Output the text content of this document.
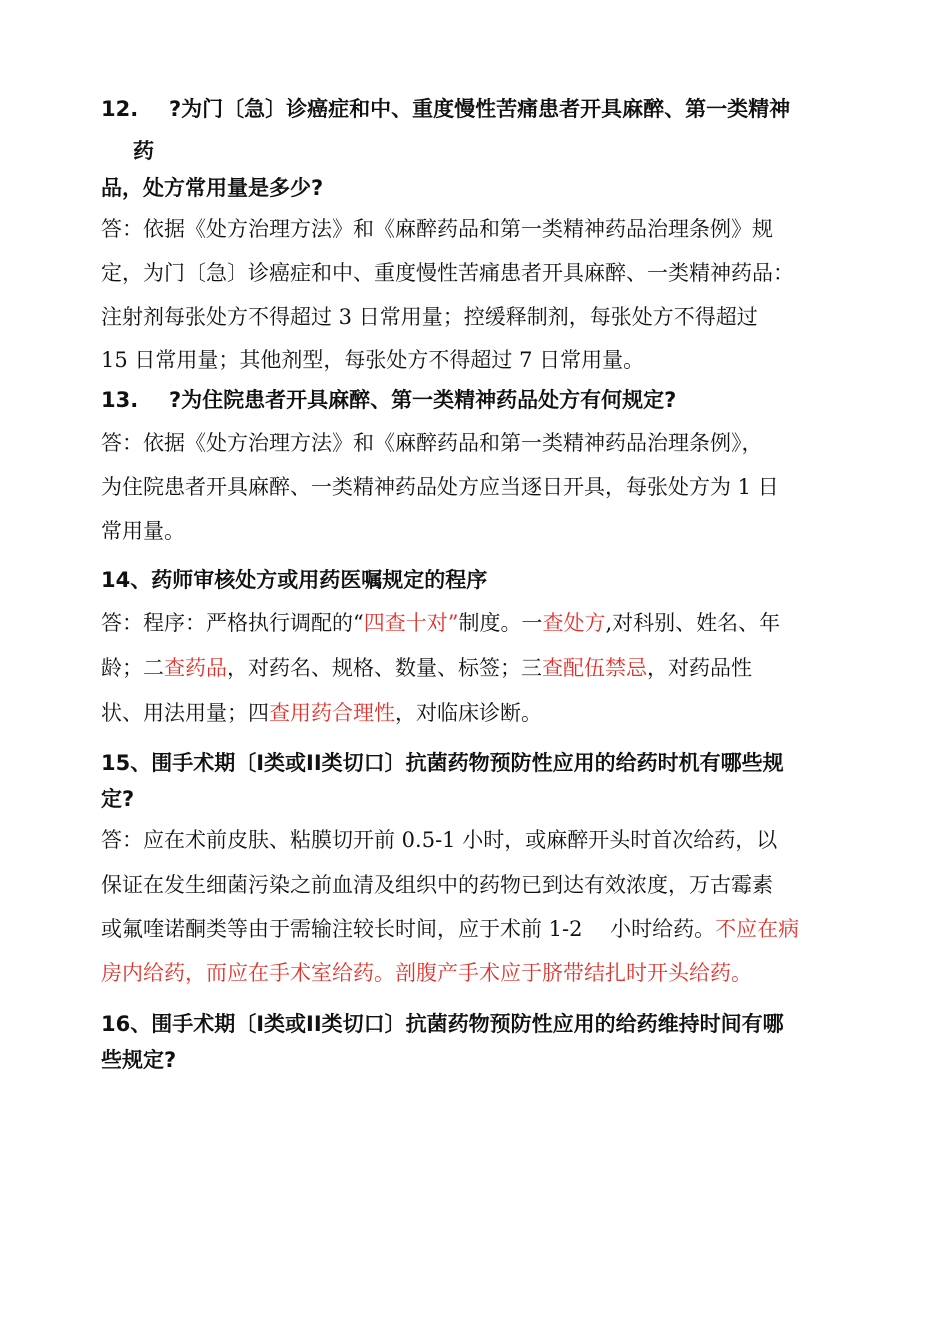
12. ?为门〔急〕诊癌症和中、重度慢性苦痛患者开具麻醉、第一类精神
药
品，处方常用量是多少?
答：依据《处方治理方法》和《麻醉药品和第一类精神药品治理条例》规
定，为门〔急〕诊癌症和中、重度慢性苦痛患者开具麻醉、一类精神药品：
注射剂每张处方不得超过 3 日常用量；控缓释制剂，每张处方不得超过
15 日常用量；其他剂型，每张处方不得超过 7 日常用量。
13. ?为住院患者开具麻醉、第一类精神药品处方有何规定?
答：依据《处方治理方法》和《麻醉药品和第一类精神药品治理条例》，
为住院患者开具麻醉、一类精神药品处方应当逐日开具，每张处方为 1 日
常用量。
14、药师审核处方或用药医嘱规定的程序
答：程序：严格执行调配的“四查十对”制度。一查处方,对科别、姓名、年
龄；二查药品，对药名、规格、数量、标签；三查配伍禁忌，对药品性
状、用法用量；四查用药合理性，对临床诊断。
15、围手术期〔I类或II类切口〕抗菌药物预防性应用的给药时机有哪些规
定?
答：应在术前皮肤、粘膜切开前 0.5-1 小时，或麻醉开头时首次给药，以
保证在发生细菌污染之前血清及组织中的药物已到达有效浓度，万古霉素
或氟喹诺酮类等由于需输注较长时间，应于术前 1-2　 小时给药。不应在病
房内给药，而应在手术室给药。剖腹产手术应于脐带结扎时开头给药。
16、围手术期〔I类或II类切口〕抗菌药物预防性应用的给药维持时间有哪
些规定?
